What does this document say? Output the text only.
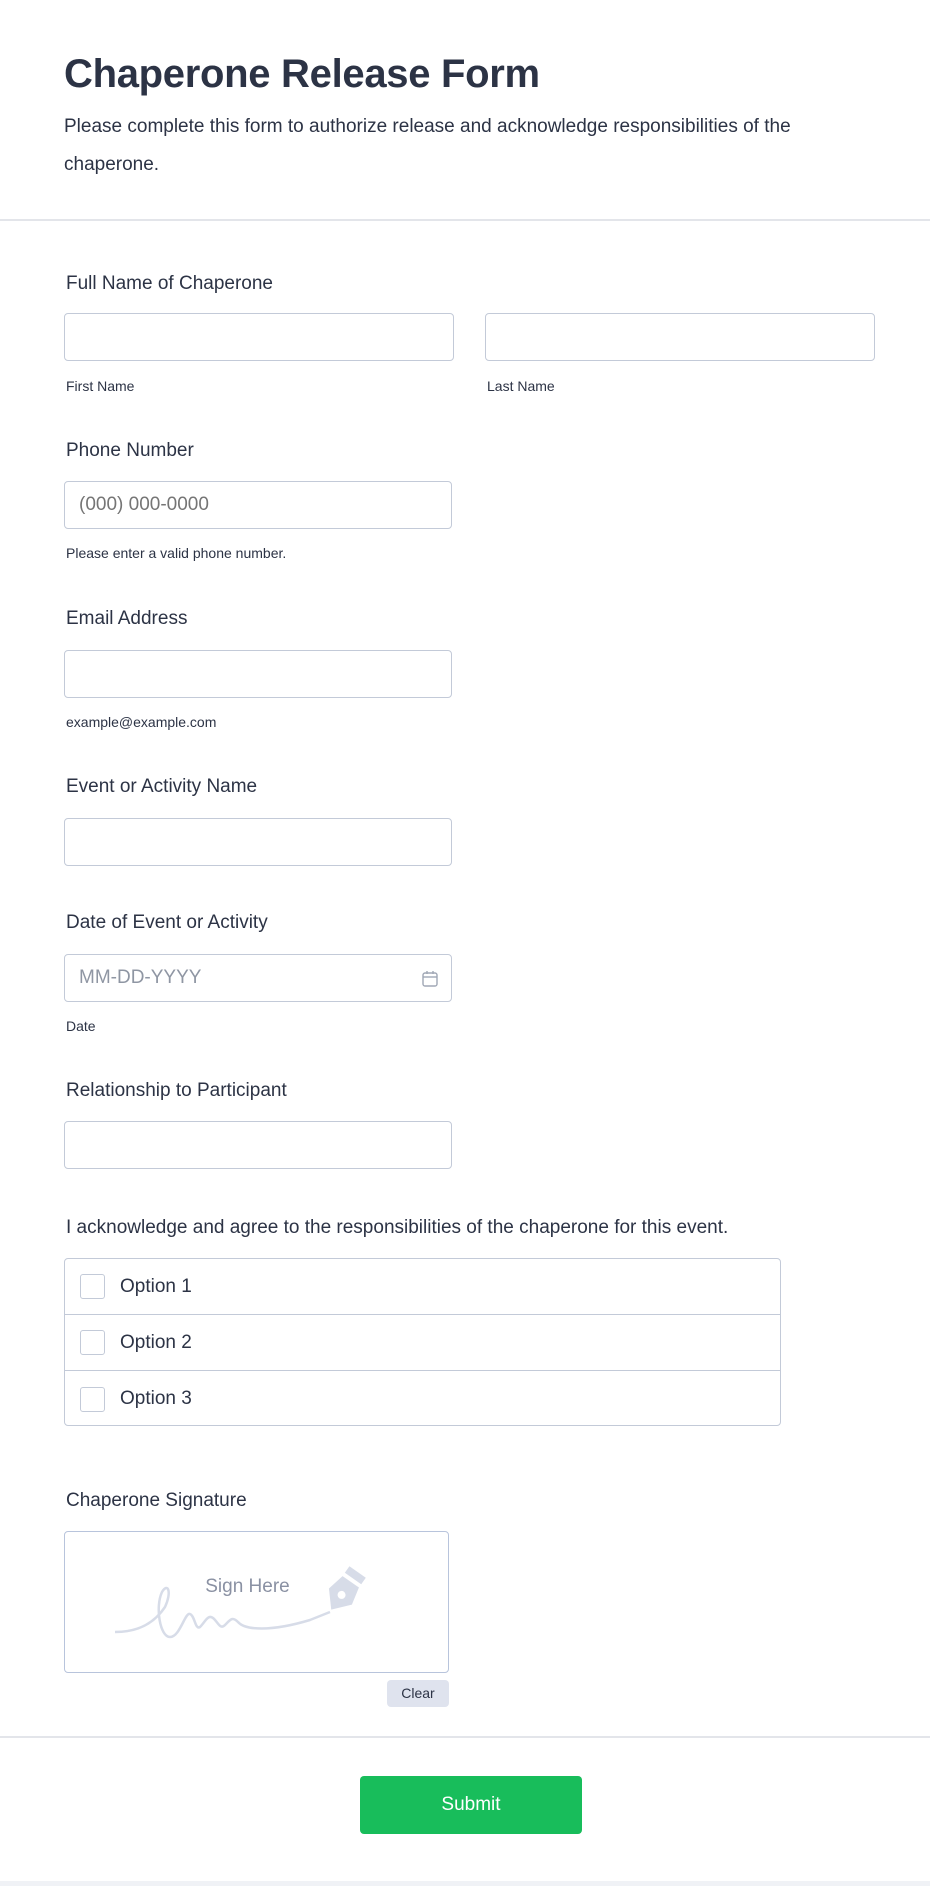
Chaperone Release Form

Please complete this form to authorize release and acknowledge responsibilities of the chaperone.

Full Name of Chaperone
First Name	Last Name
Phone Number
(000) 000-0000
Please enter a valid phone number.
Email Address
example@example.com
Event or Activity Name
Date of Event or Activity
MM-DD-YYYY
Date
Relationship to Participant
I acknowledge and agree to the responsibilities of the chaperone for this event.
Option 1
Option 2
Option 3
Chaperone Signature
Sign Here
Clear
Submit
